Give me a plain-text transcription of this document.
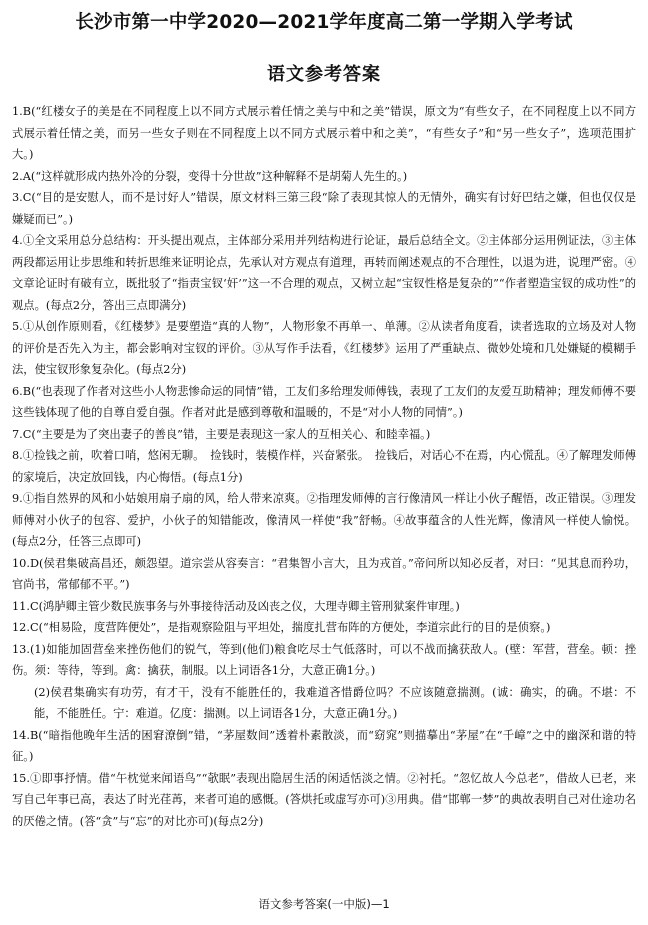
长沙市第一中学2020—2021学年度高二第一学期入学考试
语文参考答案

1.B(“红楼女子的美是在不同程度上以不同方式展示着任情之美与中和之美”错误，原文为“有些女子，在不同程度上以不同方式展示着任情之美，而另一些女子则在不同程度上以不同方式展示着中和之美”，“有些女子”和“另一些女子”，选项范围扩大。)

2.A(“这样就形成内热外冷的分裂，变得十分世故”这种解释不是胡菊人先生的。)

3.C(“目的是安慰人，而不是讨好人”错误，原文材料三第三段“除了表现其惊人的无情外，确实有讨好巴结之嫌，但也仅仅是嫌疑而已”。)

4.①全文采用总分总结构：开头提出观点，主体部分采用并列结构进行论证，最后总结全文。②主体部分运用例证法，③主体两段都运用让步思维和转折思维来证明论点，先承认对方观点有道理，再转而阐述观点的不合理性，以退为进，说理严密。④文章论证时有破有立，既批驳了“指责宝钗‘奸’”这一不合理的观点，又树立起“宝钗性格是复杂的”“作者塑造宝钗的成功性”的观点。(每点2分，答出三点即满分)

5.①从创作原则看，《红楼梦》是要塑造“真的人物”，人物形象不再单一、单薄。②从读者角度看，读者选取的立场及对人物的评价是否先入为主，都会影响对宝钗的评价。③从写作手法看，《红楼梦》运用了严重缺点、微妙处境和几处嫌疑的模糊手法，使宝钗形象复杂化。(每点2分)

6.B(“也表现了作者对这些小人物悲惨命运的同情”错，工友们多给理发师傅钱，表现了工友们的友爱互助精神；理发师傅不要这些钱体现了他的自尊自爱自强。作者对此是感到尊敬和温暖的，不是“对小人物的同情”。)

7.C(“主要是为了突出妻子的善良”错，主要是表现这一家人的互相关心、和睦幸福。)

8.①捡钱之前，吹着口哨，悠闲无聊。　捡钱时，装模作样，兴奋紧张。　捡钱后，对话心不在焉，内心慌乱。④了解理发师傅的家境后，决定放回钱，内心悔悟。(每点1分)

9.①指自然界的风和小姑娘用扇子扇的风，给人带来凉爽。②指理发师傅的言行像清风一样让小伙子醒悟，改正错误。③理发师傅对小伙子的包容、爱护，小伙子的知错能改，像清风一样使“我”舒畅。④故事蕴含的人性光辉，像清风一样使人愉悦。(每点2分，任答三点即可)

10.D(侯君集破高昌还，颇怨望。道宗尝从容奏言：“君集智小言大，且为戎首。”帝问所以知必反者，对曰：“见其息而矜功，官尚书，常郁郁不平。”)

11.C(鸿胪卿主管少数民族事务与外事接待活动及凶丧之仪，大理寺卿主管刑狱案件审理。)

12.C(“相易险，度营阵便处”，是指观察险阻与平坦处，揣度扎营布阵的方便处，李道宗此行的目的是侦察。)

13.(1)如能加固营垒来挫伤他们的锐气，等到(他们)粮食吃尽士气低落时，可以不战而擒获敌人。(壁：军营，营垒。顿：挫伤。须：等待，等到。禽：擒获，制服。以上词语各1分，大意正确1分。)

(2)侯君集确实有功劳，有才干，没有不能胜任的，我难道吝惜爵位吗？不应该随意揣测。(诚：确实，的确。不堪：不能，不能胜任。宁：难道。亿度：揣测。以上词语各1分，大意正确1分。)

14.B(“暗指他晚年生活的困窘潦倒”错，“茅屋数间”透着朴素散淡，而“窈窕”则描摹出“茅屋”在“千嶂”之中的幽深和谐的特征。)

15.①即事抒情。借“午枕觉来闻语鸟”“欹眠”表现出隐居生活的闲适恬淡之情。②衬托。“忽忆故人今总老”，借故人已老，来写自己年事已高，表达了时光荏苒，来者可追的感慨。(答烘托或虚写亦可)③用典。借“邯郸一梦”的典故表明自己对仕途功名的厌倦之情。(答“贪”与“忘”的对比亦可)(每点2分)

语文参考答案(一中版)—1
